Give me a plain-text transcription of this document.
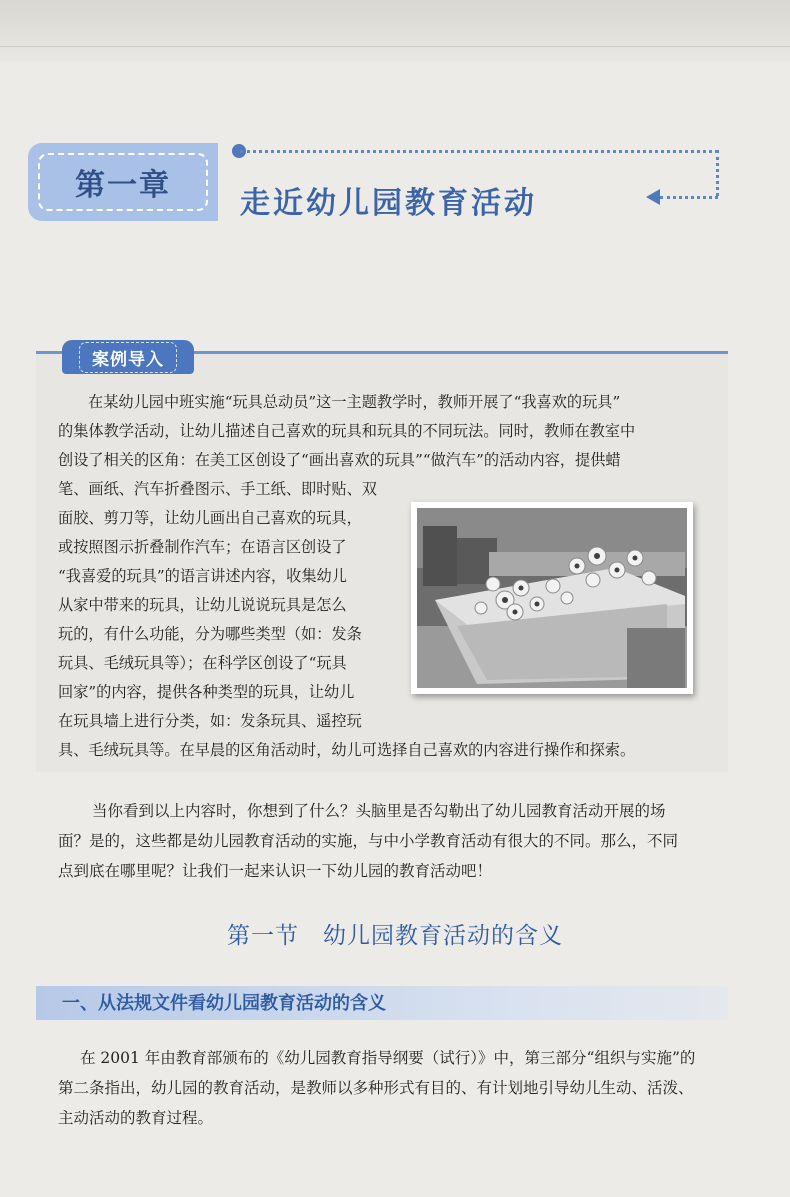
第一章
走近幼儿园教育活动
案例导入
在某幼儿园中班实施“玩具总动员”这一主题教学时，教师开展了“我喜欢的玩具”
的集体教学活动，让幼儿描述自己喜欢的玩具和玩具的不同玩法。同时，教师在教室中
创设了相关的区角：在美工区创设了“画出喜欢的玩具”“做汽车”的活动内容，提供蜡
笔、画纸、汽车折叠图示、手工纸、即时贴、双
面胶、剪刀等，让幼儿画出自己喜欢的玩具，
或按照图示折叠制作汽车；在语言区创设了
“我喜爱的玩具”的语言讲述内容，收集幼儿
从家中带来的玩具，让幼儿说说玩具是怎么
玩的，有什么功能，分为哪些类型（如：发条
玩具、毛绒玩具等）；在科学区创设了“玩具
回家”的内容，提供各种类型的玩具，让幼儿
在玩具墙上进行分类，如：发条玩具、遥控玩
具、毛绒玩具等。在早晨的区角活动时，幼儿可选择自己喜欢的内容进行操作和探索。
当你看到以上内容时，你想到了什么？头脑里是否勾勒出了幼儿园教育活动开展的场
面？是的，这些都是幼儿园教育活动的实施，与中小学教育活动有很大的不同。那么，不同
点到底在哪里呢？让我们一起来认识一下幼儿园的教育活动吧！
第一节　幼儿园教育活动的含义
一、从法规文件看幼儿园教育活动的含义
在 2001 年由教育部颁布的《幼儿园教育指导纲要（试行）》中，第三部分“组织与实施”的
第二条指出，幼儿园的教育活动，是教师以多种形式有目的、有计划地引导幼儿生动、活泼、
主动活动的教育过程。
